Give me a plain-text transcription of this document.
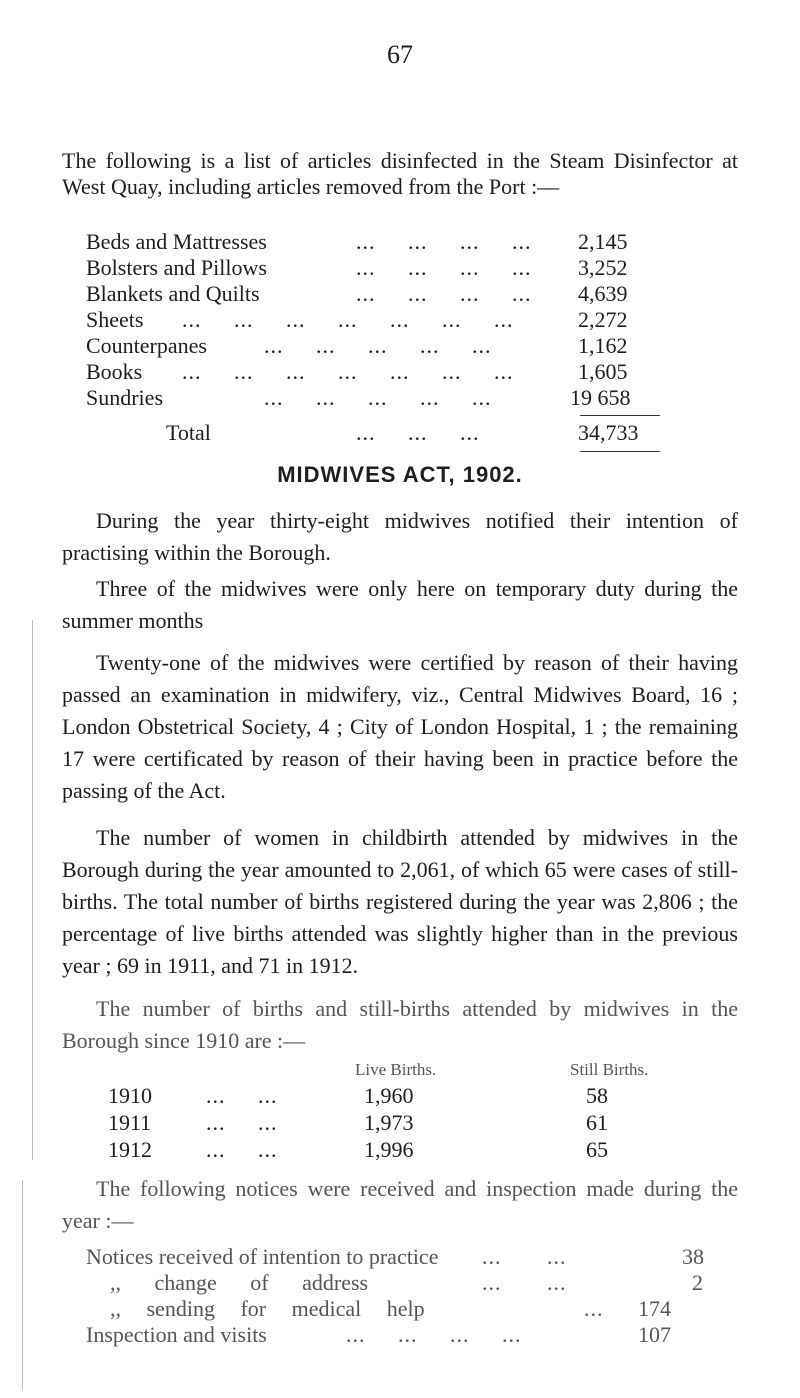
67

The following is a list of articles disinfected in the Steam Disinfector at West Quay, including articles removed from the Port :—

Beds and Mattresses	...     ...     ...     ... 2,145
Bolsters and Pillows	...     ...     ...     ... 3,252
Blankets and Quilts	...     ...     ...     ... 4,639
Sheets ...     ...     ...     ...     ...     ...     ...	2,272
Counterpanes	...     ...     ...     ...     ...	1,162
Books ...     ...     ...     ...     ...     ...     ...	1,605
Sundries	...     ...     ...     ...     ...	19 658
Total	...     ...     ...	34,733
MIDWIVES ACT, 1902.

During the year thirty-eight midwives notified their intention of practising within the Borough.

Three of the midwives were only here on temporary duty during the summer months

Twenty-one of the midwives were certified by reason of their having passed an examination in midwifery, viz., Central Midwives Board, 16 ; London Obstetrical Society, 4 ; City of London Hospital, 1 ; the remaining 17 were certificated by reason of their having been in practice before the passing of the Act.

The number of women in childbirth attended by midwives in the Borough during the year amounted to 2,061, of which 65 were cases of still-births. The total number of births registered during the year was 2,806 ; the percentage of live births attended was slightly higher than in the previous year ; 69 in 1911, and 71 in 1912.

The number of births and still-births attended by midwives in the Borough since 1910 are :—

Live Births.	Still Births.
1910 ...     ...	1,960	58
1911 ...     ...	1,973	61
1912 ...     ...	1,996	65

The following notices were received and inspection made during the year :—

Notices received of intention to practice ...       ...	38
,, change of address	...       ...	2
,, sending for medical help	... 174
Inspection and visits	...     ...     ...     ...	107
